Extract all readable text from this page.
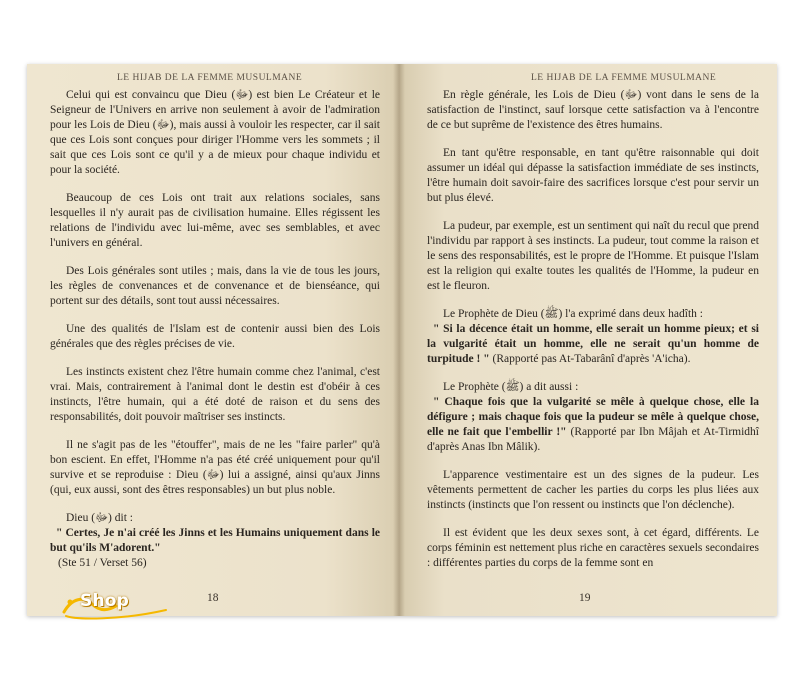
LE HIJAB DE LA FEMME MUSULMANE

Celui qui est convaincu que Dieu (ﷻ) est bien Le Créateur et le Seigneur de l'Univers en arrive non seulement à avoir de l'admiration pour les Lois de Dieu (ﷻ), mais aussi à vouloir les respecter, car il sait que ces Lois sont conçues pour diriger l'Homme vers les sommets ; il sait que ces Lois sont ce qu'il y a de mieux pour chaque individu et pour la société.

Beaucoup de ces Lois ont trait aux relations sociales, sans lesquelles il n'y aurait pas de civilisation humaine. Elles régissent les relations de l'individu avec lui-même, avec ses semblables, et avec l'univers en général.

Des Lois générales sont utiles ; mais, dans la vie de tous les jours, les règles de convenances et de convenance et de bienséance, qui portent sur des détails, sont tout aussi nécessaires.

Une des qualités de l'Islam est de contenir aussi bien des Lois générales que des règles précises de vie.

Les instincts existent chez l'être humain comme chez l'animal, c'est vrai. Mais, contrairement à l'animal dont le destin est d'obéir à ces instincts, l'être humain, qui a été doté de raison et du sens des responsabilités, doit pouvoir maîtriser ses instincts.

Il ne s'agit pas de les "étouffer", mais de ne les "faire parler" qu'à bon escient. En effet, l'Homme n'a pas été créé uniquement pour qu'il survive et se reproduise : Dieu (ﷻ) lui a assigné, ainsi qu'aux Jinns (qui, eux aussi, sont des êtres responsables) un but plus noble.

Dieu (ﷻ) dit :

" Certes, Je n'ai créé les Jinns et les Humains uniquement dans le but qu'ils M'adorent."
(Ste 51 / Verset 56)
18
LE HIJAB DE LA FEMME MUSULMANE

En règle générale, les Lois de Dieu (ﷻ) vont dans le sens de la satisfaction de l'instinct, sauf lorsque cette satisfaction va à l'encontre de ce but suprême de l'existence des êtres humains.

En tant qu'être responsable, en tant qu'être raisonnable qui doit assumer un idéal qui dépasse la satisfaction immédiate de ses instincts, l'être humain doit savoir-faire des sacrifices lorsque c'est pour servir un but plus élevé.

La pudeur, par exemple, est un sentiment qui naît du recul que prend l'individu par rapport à ses instincts. La pudeur, tout comme la raison et le sens des responsabilités, est le propre de l'Homme. Et puisque l'Islam est la religion qui exalte toutes les qualités de l'Homme, la pudeur en est le fleuron.

Le Prophète de Dieu (ﷺ) l'a exprimé dans deux hadîth :

" Si la décence était un homme, elle serait un homme pieux; et si la vulgarité était un homme, elle ne serait qu'un homme de turpitude ! " (Rapporté pas At-Tabarânî d'après 'A'icha).

Le Prophète (ﷺ) a dit aussi :

" Chaque fois que la vulgarité se mêle à quelque chose, elle la défigure ; mais chaque fois que la pudeur se mêle à quelque chose, elle ne fait que l'embellir !" (Rapporté par Ibn Mâjah et At-Tirmidhî d'après Anas Ibn Mâlik).

L'apparence vestimentaire est un des signes de la pudeur. Les vêtements permettent de cacher les parties du corps les plus liées aux instincts (instincts que l'on ressent ou instincts que l'on déclenche).

Il est évident que les deux sexes sont, à cet égard, différents. Le corps féminin est nettement plus riche en caractères sexuels secondaires : différentes parties du corps de la femme sont en

19
Shop
